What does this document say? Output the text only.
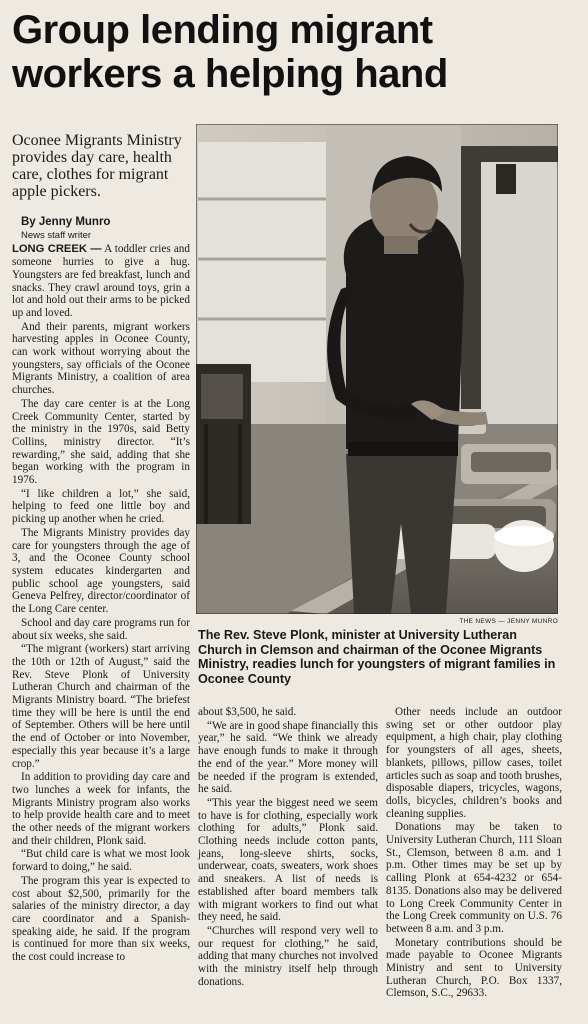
Group lending migrant workers a helping hand

Oconee Migrants Ministry provides day care, health care, clothes for migrant apple pickers.

By Jenny Munro

News staff writer

LONG CREEK — A toddler cries and someone hurries to give a hug. Youngsters are fed breakfast, lunch and snacks. They crawl around toys, grin a lot and hold out their arms to be picked up and loved.

And their parents, migrant workers harvesting apples in Oconee County, can work without worrying about the youngsters, say officials of the Oconee Migrants Ministry, a coalition of area churches.

The day care center is at the Long Creek Community Center, started by the ministry in the 1970s, said Betty Collins, ministry director. “It’s rewarding,” she said, adding that she began working with the program in 1976.

“I like children a lot,” she said, helping to feed one little boy and picking up another when he cried.

The Migrants Ministry provides day care for youngsters through the age of 3, and the Oconee County school system educates kindergarten and public school age youngsters, said Geneva Pelfrey, director/coordinator of the Long Care center.

School and day care programs run for about six weeks, she said.

“The migrant (workers) start arriving the 10th or 12th of August,” said the Rev. Steve Plonk of University Lutheran Church and chairman of the Migrants Ministry board. “The briefest time they will be here is until the end of September. Others will be here until the end of October or into November, especially this year because it’s a large crop.”

In addition to providing day care and two lunches a week for infants, the Migrants Ministry program also works to help provide health care and to meet the other needs of the migrant workers and their children, Plonk said.

“But child care is what we most look forward to doing,” he said.

The program this year is expected to cost about $2,500, primarily for the salaries of the ministry director, a day care coordinator and a Spanish-speaking aide, he said. If the program is continued for more than six weeks, the cost could increase to

THE NEWS — JENNY MUNRO

The Rev. Steve Plonk, minister at University Lutheran Church in Clemson and chairman of the Oconee Migrants Ministry, readies lunch for youngsters of migrant families in Oconee County

about $3,500, he said.

“We are in good shape financially this year,” he said. “We think we already have enough funds to make it through the end of the year.” More money will be needed if the program is extended, he said.

“This year the biggest need we seem to have is for clothing, especially work clothing for adults,” Plonk said. Clothing needs include cotton pants, jeans, long-sleeve shirts, socks, underwear, coats, sweaters, work shoes and sneakers. A list of needs is established after board members talk with migrant workers to find out what they need, he said.

“Churches will respond very well to our request for clothing,” he said, adding that many churches not involved with the ministry itself help through donations.

Other needs include an outdoor swing set or other outdoor play equipment, a high chair, play clothing for youngsters of all ages, sheets, blankets, pillows, pillow cases, toilet articles such as soap and tooth brushes, disposable diapers, tricycles, wagons, dolls, bicycles, children’s books and cleaning supplies.

Donations may be taken to University Lutheran Church, 111 Sloan St., Clemson, between 8 a.m. and 1 p.m. Other times may be set up by calling Plonk at 654-4232 or 654-8135. Donations also may be delivered to Long Creek Community Center in the Long Creek community on U.S. 76 between 8 a.m. and 3 p.m.

Monetary contributions should be made payable to Oconee Migrants Ministry and sent to University Lutheran Church, P.O. Box 1337, Clemson, S.C., 29633.
